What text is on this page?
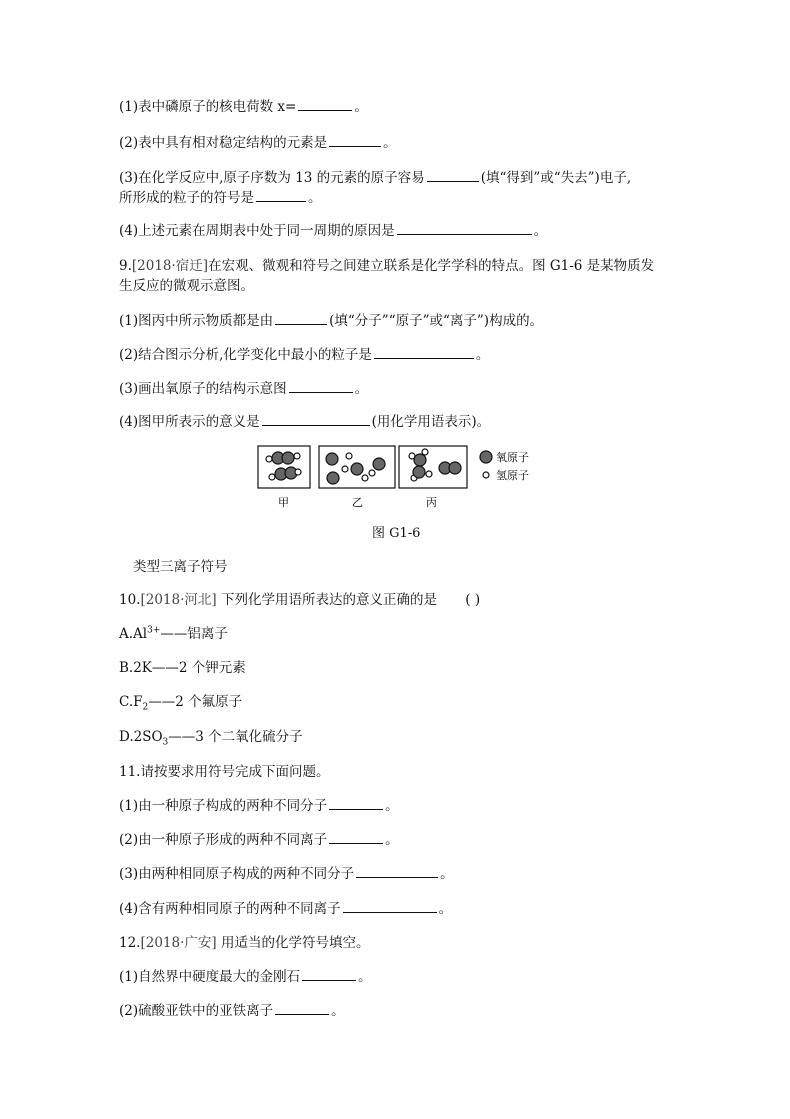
(1)表中磷原子的核电荷数 x=	。
(2)表中具有相对稳定结构的元素是	。
(3)在化学反应中,原子序数为 13 的元素的原子容易	(填“得到”或“失去”)电子,
所形成的粒子的符号是	。
(4)上述元素在周期表中处于同一周期的原因是	。
9.[2018·宿迁]在宏观、微观和符号之间建立联系是化学学科的特点。图 G1-6 是某物质发
生反应的微观示意图。
(1)图丙中所示物质都是由	(填“分子”“原子”或“离子”)构成的。
(2)结合图示分析,化学变化中最小的粒子是	。
(3)画出氧原子的结构示意图	。
(4)图甲所表示的意义是	(用化学用语表示)。
氧原子
氢原子
甲	乙	丙
图 G1-6
类型三离子符号
10.[2018·河北] 下列化学用语所表达的意义正确的是 ( )
$A.Al^{3+}——$铝离子
B.2K——2 个钾元素
$C.F_2——2$ 个氟原子
$D.2SO_3——3$ 个二氧化硫分子
11.请按要求用符号完成下面问题。
(1)由一种原子构成的两种不同分子	。
(2)由一种原子形成的两种不同离子	。
(3)由两种相同原子构成的两种不同分子	。
(4)含有两种相同原子的两种不同离子	。
12.[2018·广安] 用适当的化学符号填空。
(1)自然界中硬度最大的金刚石	。
(2)硫酸亚铁中的亚铁离子	。
